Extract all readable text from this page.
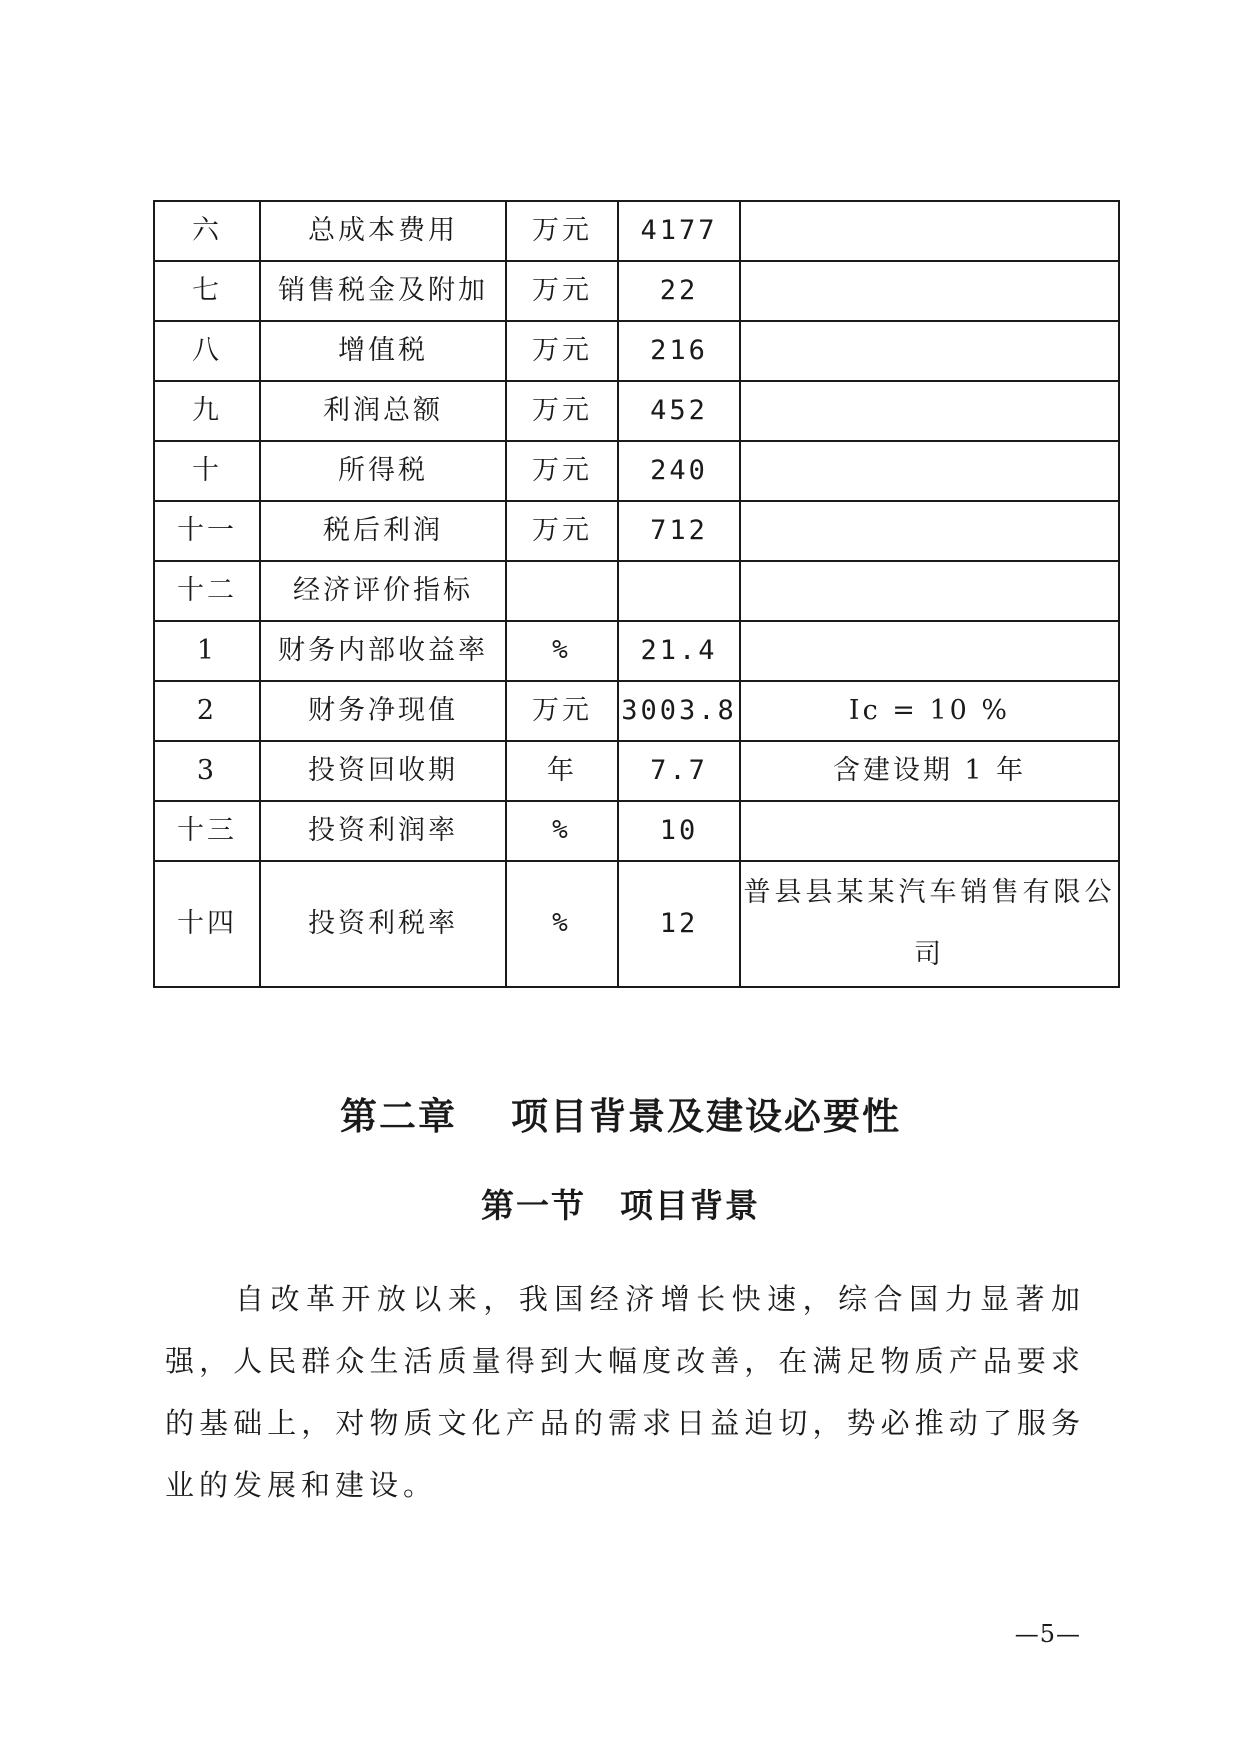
六	总成本费用	万元	4177	
七	销售税金及附加	万元	22	
八	增值税	万元	216	
九	利润总额	万元	452	
十	所得税	万元	240	
十一	税后利润	万元	712	
十二	经济评价指标			
1	财务内部收益率	%	21.4	
2	财务净现值	万元	3003.8	Ic = 10 %
3	投资回收期	年	7.7	含建设期 1 年
十三	投资利润率	%	10	
十四	投资利税率	%	12	普县县某某汽车销售有限公司
第二章 项目背景及建设必要性
第一节 项目背景

自改革开放以来，我国经济增长快速，综合国力显著加强，人民群众生活质量得到大幅度改善，在满足物质产品要求的基础上，对物质文化产品的需求日益迫切，势必推动了服务业的发展和建设。

—5—
